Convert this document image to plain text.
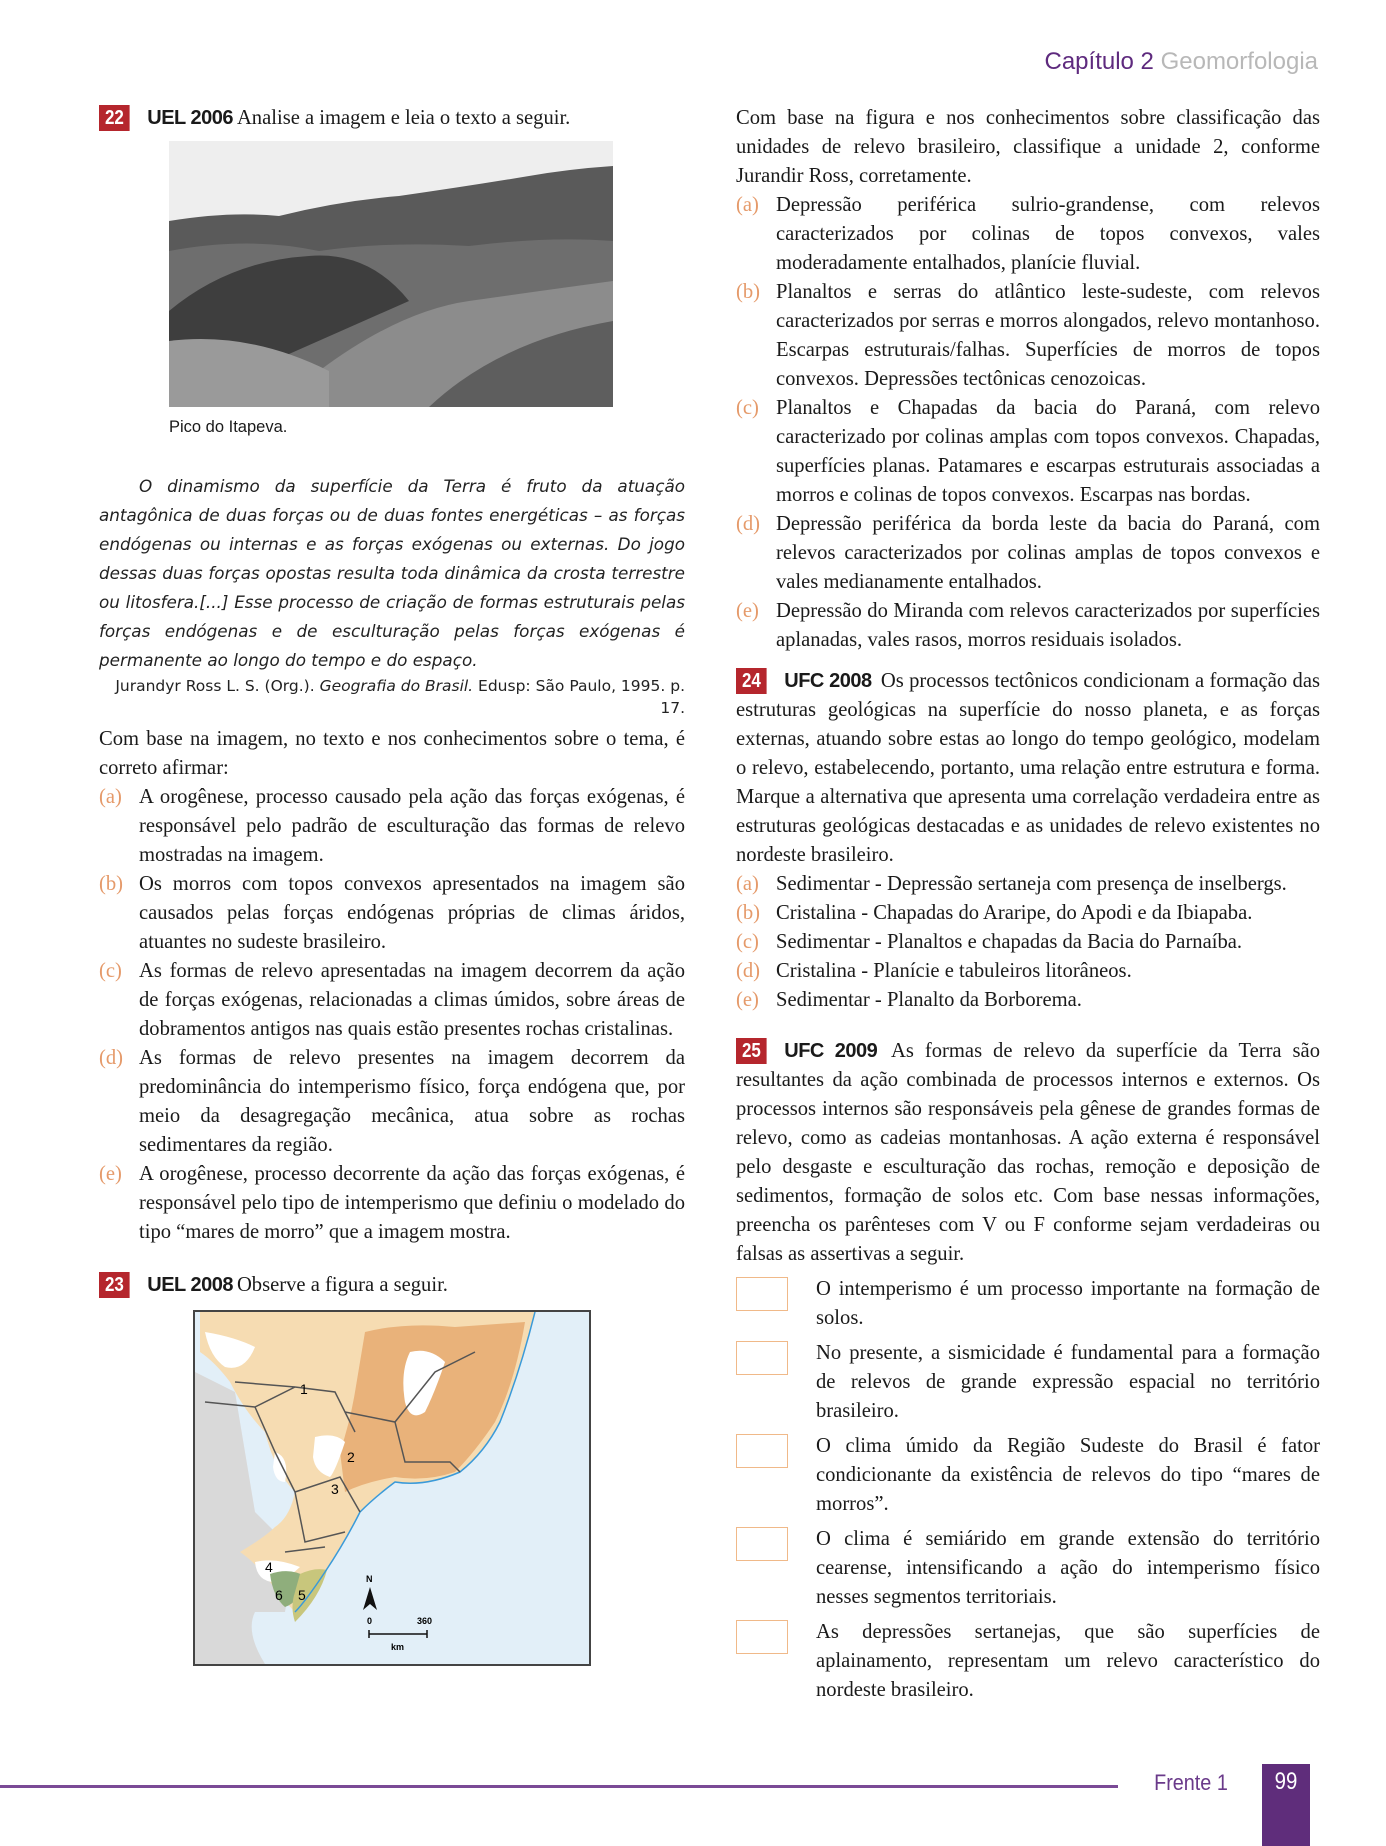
Capítulo 2 Geomorfologia
22 UEL 2006 Analise a imagem e leia o texto a seguir.
Pico do Itapeva.
O dinamismo da superfície da Terra é fruto da atuação antagônica de duas forças ou de duas fontes energéticas – as forças endógenas ou internas e as forças exógenas ou externas. Do jogo dessas duas forças opostas resulta toda dinâmica da crosta terrestre ou litosfera.[...] Esse processo de criação de formas estruturais pelas forças endógenas e de esculturação pelas forças exógenas é permanente ao longo do tempo e do espaço.
Jurandyr Ross L. S. (Org.). Geografia do Brasil. Edusp: São Paulo, 1995. p. 17.
Com base na imagem, no texto e nos conhecimentos sobre o tema, é correto afirmar:
(a) A orogênese, processo causado pela ação das forças exógenas, é responsável pelo padrão de esculturação das formas de relevo mostradas na imagem.
(b) Os morros com topos convexos apresentados na imagem são causados pelas forças endógenas próprias de climas áridos, atuantes no sudeste brasileiro.
(c) As formas de relevo apresentadas na imagem decorrem da ação de forças exógenas, relacionadas a climas úmidos, sobre áreas de dobramentos antigos nas quais estão presentes rochas cristalinas.
(d) As formas de relevo presentes na imagem decorrem da predominância do intemperismo físico, força endógena que, por meio da desagregação mecânica, atua sobre as rochas sedimentares da região.
(e) A orogênese, processo decorrente da ação das forças exógenas, é responsável pelo tipo de intemperismo que definiu o modelado do tipo “mares de morro” que a imagem mostra.
23 UEL 2008 Observe a figura a seguir.
1
2
3
4
5
6
N
0	360
km
Com base na figura e nos conhecimentos sobre classificação das unidades de relevo brasileiro, classifique a unidade 2, conforme Jurandir Ross, corretamente.
(a) Depressão periférica sulrio-grandense, com relevos caracterizados por colinas de topos convexos, vales moderadamente entalhados, planície fluvial.
(b) Planaltos e serras do atlântico leste-sudeste, com relevos caracterizados por serras e morros alongados, relevo montanhoso. Escarpas estruturais/falhas. Superfícies de morros de topos convexos. Depressões tectônicas cenozoicas.
(c) Planaltos e Chapadas da bacia do Paraná, com relevo caracterizado por colinas amplas com topos convexos. Chapadas, superfícies planas. Patamares e escarpas estruturais associadas a morros e colinas de topos convexos. Escarpas nas bordas.
(d) Depressão periférica da borda leste da bacia do Paraná, com relevos caracterizados por colinas amplas de topos convexos e vales medianamente entalhados.
(e) Depressão do Miranda com relevos caracterizados por superfícies aplanadas, vales rasos, morros residuais isolados.
24 UFC 2008 Os processos tectônicos condicionam a formação das estruturas geológicas na superfície do nosso planeta, e as forças externas, atuando sobre estas ao longo do tempo geológico, modelam o relevo, estabelecendo, portanto, uma relação entre estrutura e forma. Marque a alternativa que apresenta uma correlação verdadeira entre as estruturas geológicas destacadas e as unidades de relevo existentes no nordeste brasileiro.
(a) Sedimentar - Depressão sertaneja com presença de inselbergs.
(b) Cristalina - Chapadas do Araripe, do Apodi e da Ibiapaba.
(c) Sedimentar - Planaltos e chapadas da Bacia do Parnaíba.
(d) Cristalina - Planície e tabuleiros litorâneos.
(e) Sedimentar - Planalto da Borborema.
25 UFC 2009 As formas de relevo da superfície da Terra são resultantes da ação combinada de processos internos e externos. Os processos internos são responsáveis pela gênese de grandes formas de relevo, como as cadeias montanhosas. A ação externa é responsável pelo desgaste e esculturação das rochas, remoção e deposição de sedimentos, formação de solos etc. Com base nessas informações, preencha os parênteses com V ou F conforme sejam verdadeiras ou falsas as assertivas a seguir.
O intemperismo é um processo importante na formação de solos.
No presente, a sismicidade é fundamental para a formação de relevos de grande expressão espacial no território brasileiro.
O clima úmido da Região Sudeste do Brasil é fator condicionante da existência de relevos do tipo “mares de morros”.
O clima é semiárido em grande extensão do território cearense, intensificando a ação do intemperismo físico nesses segmentos territoriais.
As depressões sertanejas, que são superfícies de aplainamento, representam um relevo característico do nordeste brasileiro.
Frente 1	99
